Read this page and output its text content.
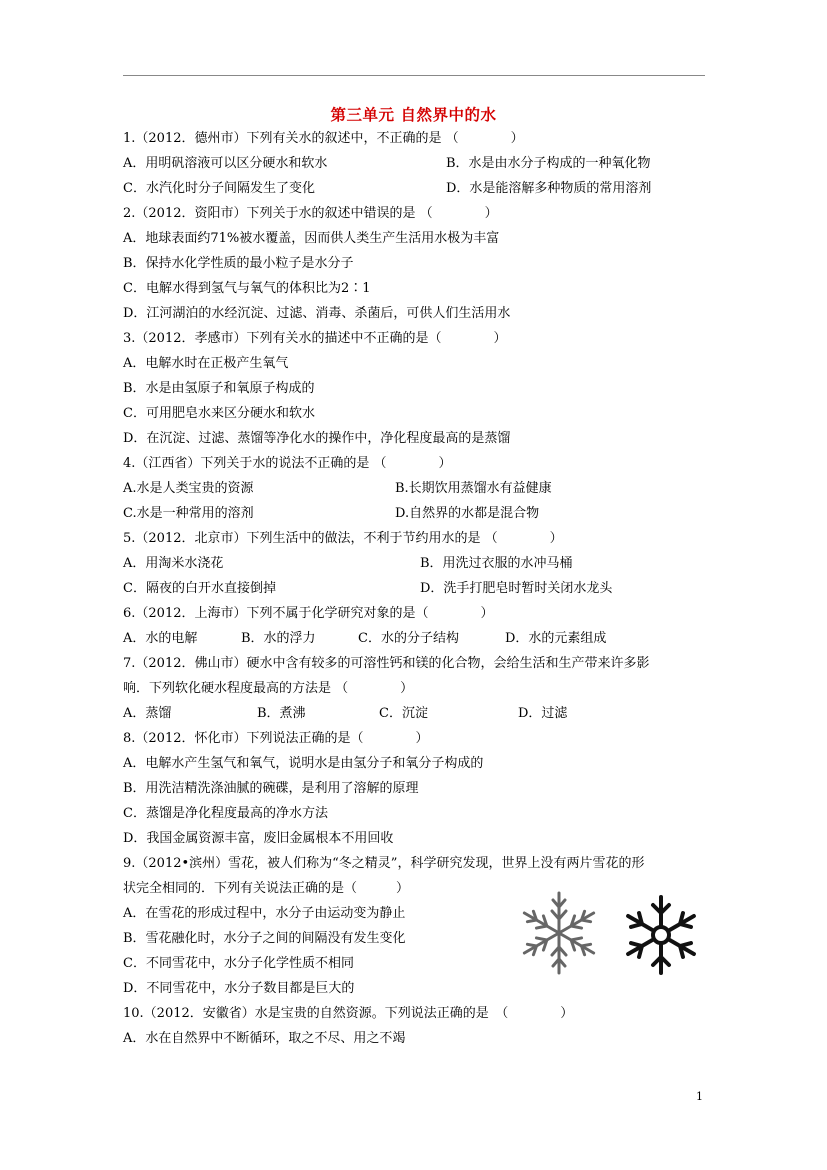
第三单元 自然界中的水
1.（2012．德州市）下列有关水的叙述中，不正确的是 （　　　　）
A．用明矾溶液可以区分硬水和软水	B．水是由水分子构成的一种氧化物
C．水汽化时分子间隔发生了变化	D．水是能溶解多种物质的常用溶剂
2.（2012．资阳市）下列关于水的叙述中错误的是 （　　　　）
A．地球表面约71%被水覆盖，因而供人类生产生活用水极为丰富
B．保持水化学性质的最小粒子是水分子
C．电解水得到氢气与氧气的体积比为2∶1
D．江河湖泊的水经沉淀、过滤、消毒、杀菌后，可供人们生活用水
3.（2012．孝感市）下列有关水的描述中不正确的是（　　　　）
A．电解水时在正极产生氧气
B．水是由氢原子和氧原子构成的
C．可用肥皂水来区分硬水和软水
D．在沉淀、过滤、蒸馏等净化水的操作中，净化程度最高的是蒸馏
4.（江西省）下列关于水的说法不正确的是 （　　　　）
A.水是人类宝贵的资源	B.长期饮用蒸馏水有益健康
C.水是一种常用的溶剂	D.自然界的水都是混合物
5.（2012．北京市）下列生活中的做法，不利于节约用水的是 （　　　　）
A．用淘米水浇花	B．用洗过衣服的水冲马桶
C．隔夜的白开水直接倒掉	D．洗手打肥皂时暂时关闭水龙头
6.（2012．上海市）下列不属于化学研究对象的是（　　　　）
A．水的电解	B．水的浮力	C．水的分子结构	D．水的元素组成
7.（2012．佛山市）硬水中含有较多的可溶性钙和镁的化合物，会给生活和生产带来许多影
响．下列软化硬水程度最高的方法是 （　　　　）
A．蒸馏	B．煮沸	C．沉淀	D．过滤
8.（2012．怀化市）下列说法正确的是（　　　　）
A．电解水产生氢气和氧气，说明水是由氢分子和氧分子构成的
B．用洗洁精洗涤油腻的碗碟，是利用了溶解的原理
C．蒸馏是净化程度最高的净水方法
D．我国金属资源丰富，废旧金属根本不用回收
9.（2012•滨州）雪花，被人们称为“冬之精灵”，科学研究发现，世界上没有两片雪花的形
状完全相同的．下列有关说法正确的是（　　　）
A．在雪花的形成过程中，水分子由运动变为静止
B．雪花融化时，水分子之间的间隔没有发生变化
C．不同雪花中，水分子化学性质不相同
D．不同雪花中，水分子数目都是巨大的
10.（2012．安徽省）水是宝贵的自然资源。下列说法正确的是　（　　　　）
A．水在自然界中不断循环，取之不尽、用之不竭
1
